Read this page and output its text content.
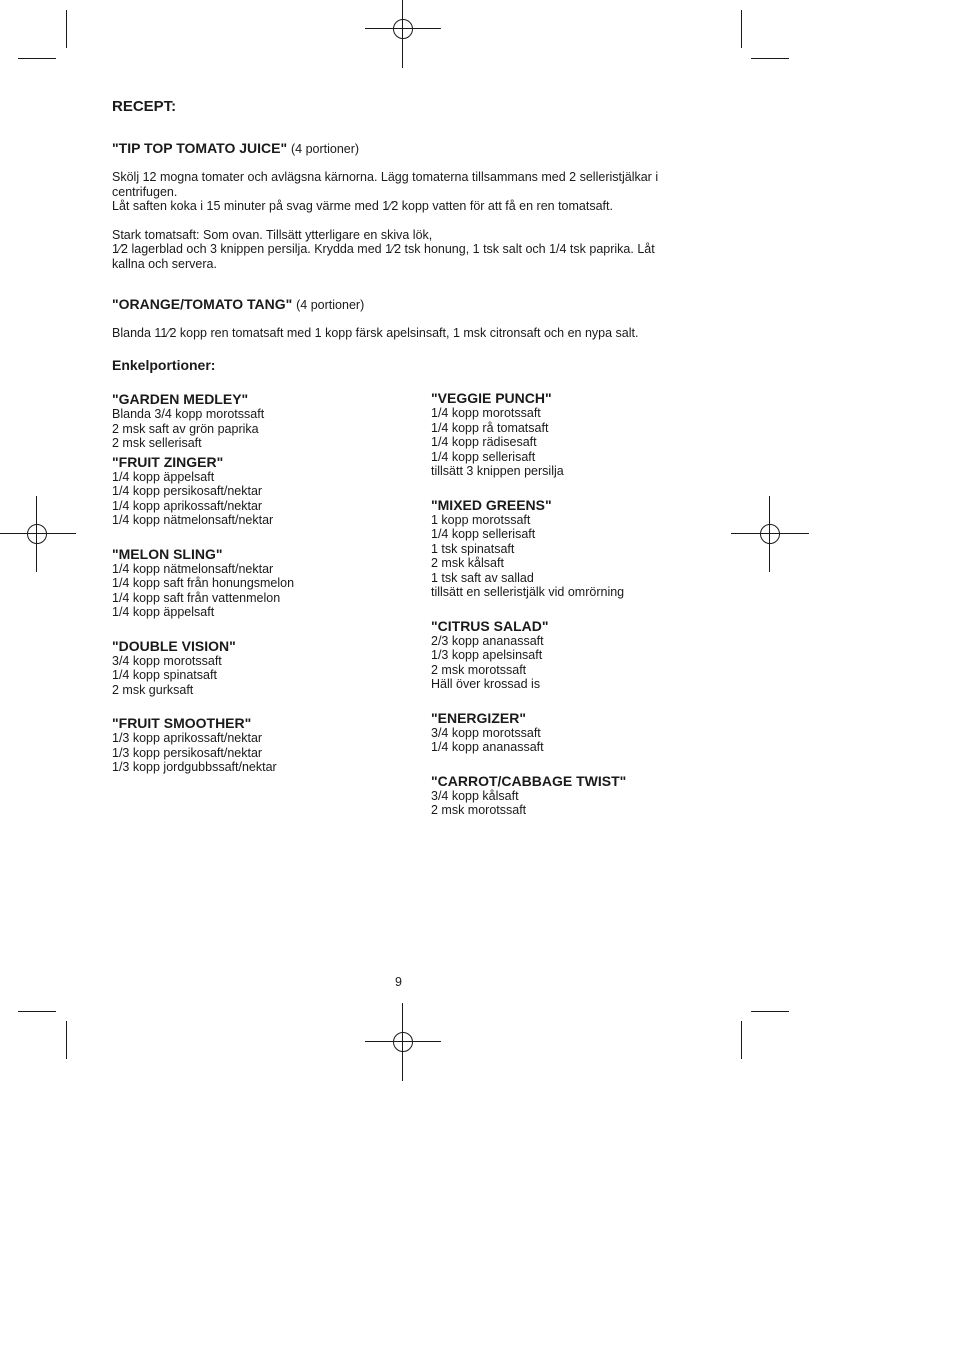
RECEPT:

"TIP TOP TOMATO JUICE" (4 portioner)

Skölj 12 mogna tomater och avlägsna kärnorna. Lägg tomaterna tillsammans med 2 selleristjälkar i

centrifugen.

Låt saften koka i 15 minuter på svag värme med 1⁄2 kopp vatten för att få en ren tomatsaft.

Stark tomatsaft: Som ovan. Tillsätt ytterligare en skiva lök,

1⁄2 lagerblad och 3 knippen persilja. Krydda med 1⁄2 tsk honung, 1 tsk salt och 1/4 tsk paprika. Låt

kallna och servera.

"ORANGE/TOMATO TANG" (4 portioner)

Blanda 11⁄2 kopp ren tomatsaft med 1 kopp färsk apelsinsaft, 1 msk citronsaft och en nypa salt.

Enkelportioner:

"GARDEN MEDLEY"

Blanda 3/4 kopp morotssaft

2 msk saft av grön paprika

2 msk sellerisaft

"FRUIT ZINGER"

1/4 kopp äppelsaft

1/4 kopp persikosaft/nektar

1/4 kopp aprikossaft/nektar

1/4 kopp nätmelonsaft/nektar

"MELON SLING"

1/4 kopp nätmelonsaft/nektar

1/4 kopp saft från honungsmelon

1/4 kopp saft från vattenmelon

1/4 kopp äppelsaft

"DOUBLE VISION"

3/4 kopp morotssaft

1/4 kopp spinatsaft

2 msk gurksaft

"FRUIT SMOOTHER"

1/3 kopp aprikossaft/nektar

1/3 kopp persikosaft/nektar

1/3 kopp jordgubbssaft/nektar

"VEGGIE PUNCH"

1/4 kopp morotssaft

1/4 kopp rå tomatsaft

1/4 kopp rädisesaft

1/4 kopp sellerisaft

tillsätt 3 knippen persilja

"MIXED GREENS"

1 kopp morotssaft

1/4 kopp sellerisaft

1 tsk spinatsaft

2 msk kålsaft

1 tsk saft av sallad

tillsätt en selleristjälk vid omrörning

"CITRUS SALAD"

2/3 kopp ananassaft

1/3 kopp apelsinsaft

2 msk morotssaft

Häll över krossad is

"ENERGIZER"

3/4 kopp morotssaft

1/4 kopp ananassaft

"CARROT/CABBAGE TWIST"

3/4 kopp kålsaft

2 msk morotssaft

9
